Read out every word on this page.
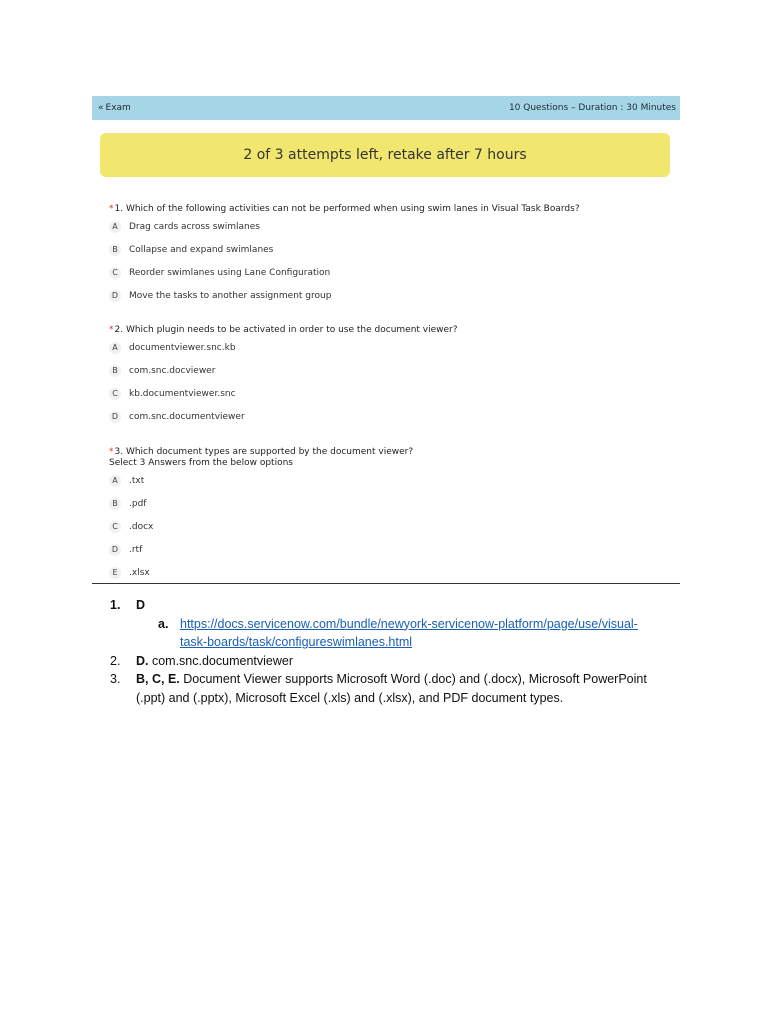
« Exam	10 Questions – Duration : 30 Minutes
2 of 3 attempts left, retake after 7 hours
*1. Which of the following activities can not be performed when using swim lanes in Visual Task Boards?
A	Drag cards across swimlanes
B	Collapse and expand swimlanes
C	Reorder swimlanes using Lane Configuration
D	Move the tasks to another assignment group
*2. Which plugin needs to be activated in order to use the document viewer?
A	documentviewer.snc.kb
B	com.snc.docviewer
C	kb.documentviewer.snc
D	com.snc.documentviewer
*3. Which document types are supported by the document viewer?
Select 3 Answers from the below options
A	.txt
B	.pdf
C	.docx
D	.rtf
E	.xlsx
1.	D
a. https://docs.servicenow.com/bundle/newyork-servicenow-platform/page/use/visual-
task-boards/task/configureswimlanes.html
2.	D. com.snc.documentviewer
3.	B, C, E. Document Viewer supports Microsoft Word (.doc) and (.docx), Microsoft PowerPoint (.ppt) and (.pptx), Microsoft Excel (.xls) and (.xlsx), and PDF document types.
